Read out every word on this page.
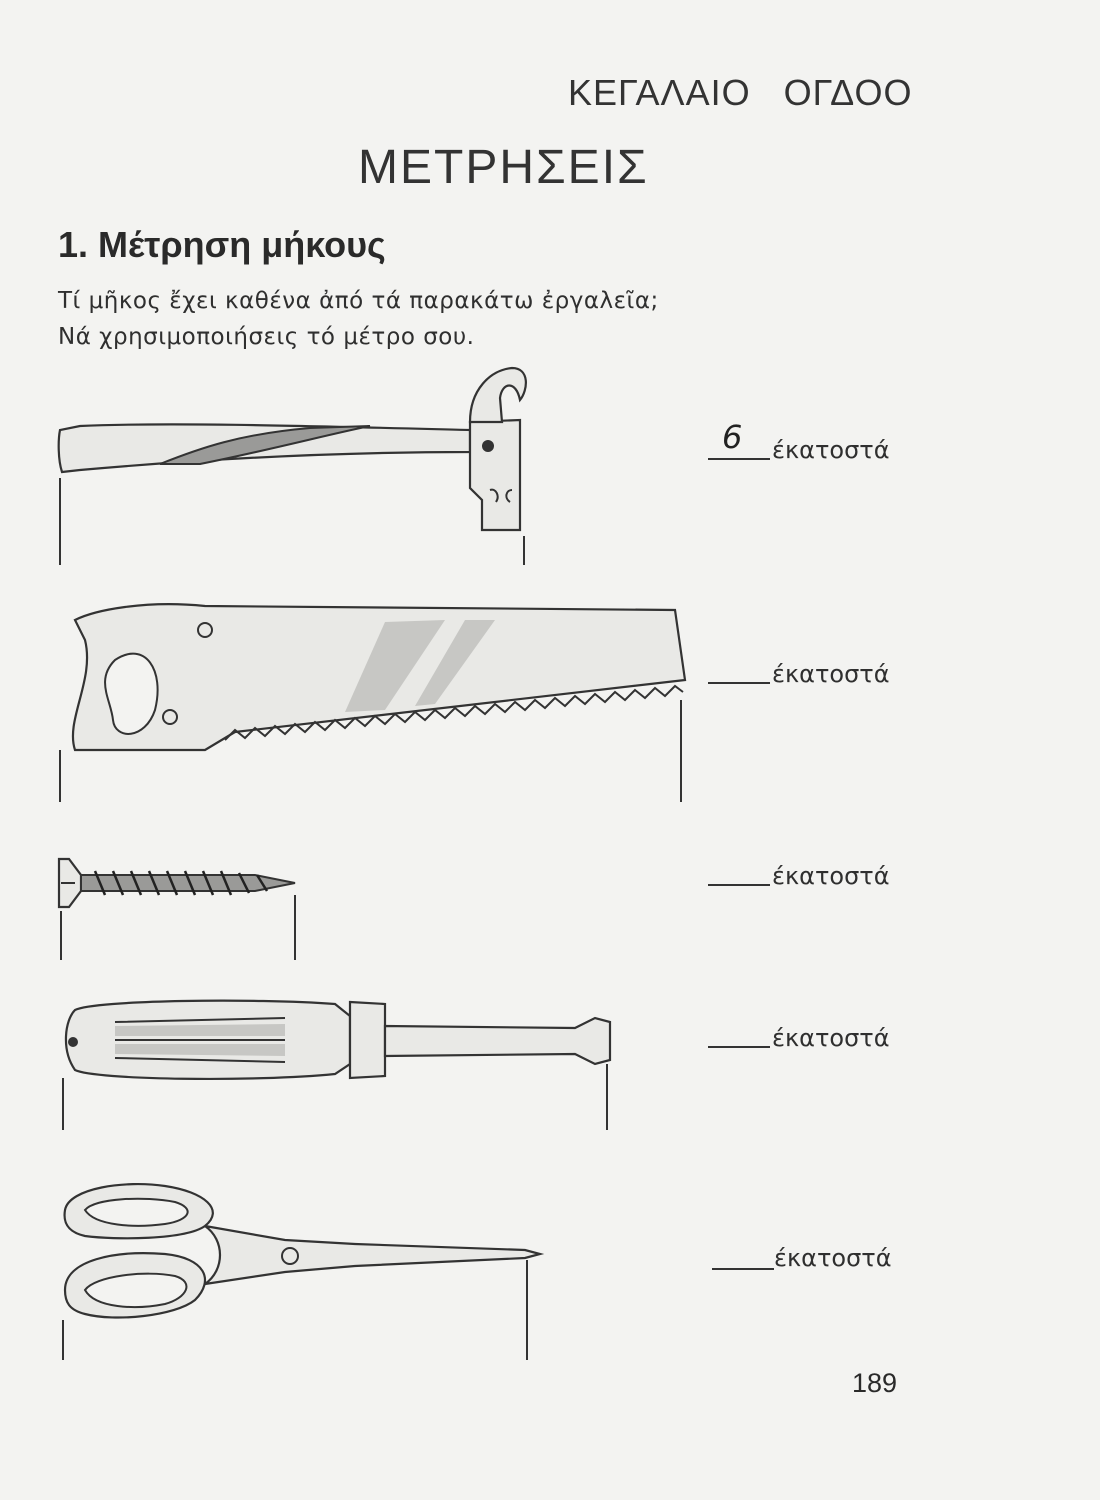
ΚΕΓΑΛΑΙΟ ΟΓΔΟΟ
ΜΕΤΡΗΣΕΙΣ
1. Μέτρηση μήκους
Τί μῆκος ἔχει καθένα ἀπό τά παρακάτω ἐργαλεῖα;
Νά χρησιμοποιήσεις τό μέτρο σου.
6 έκατοστά
έκατοστά
έκατοστά
έκατοστά
έκατοστά
189
